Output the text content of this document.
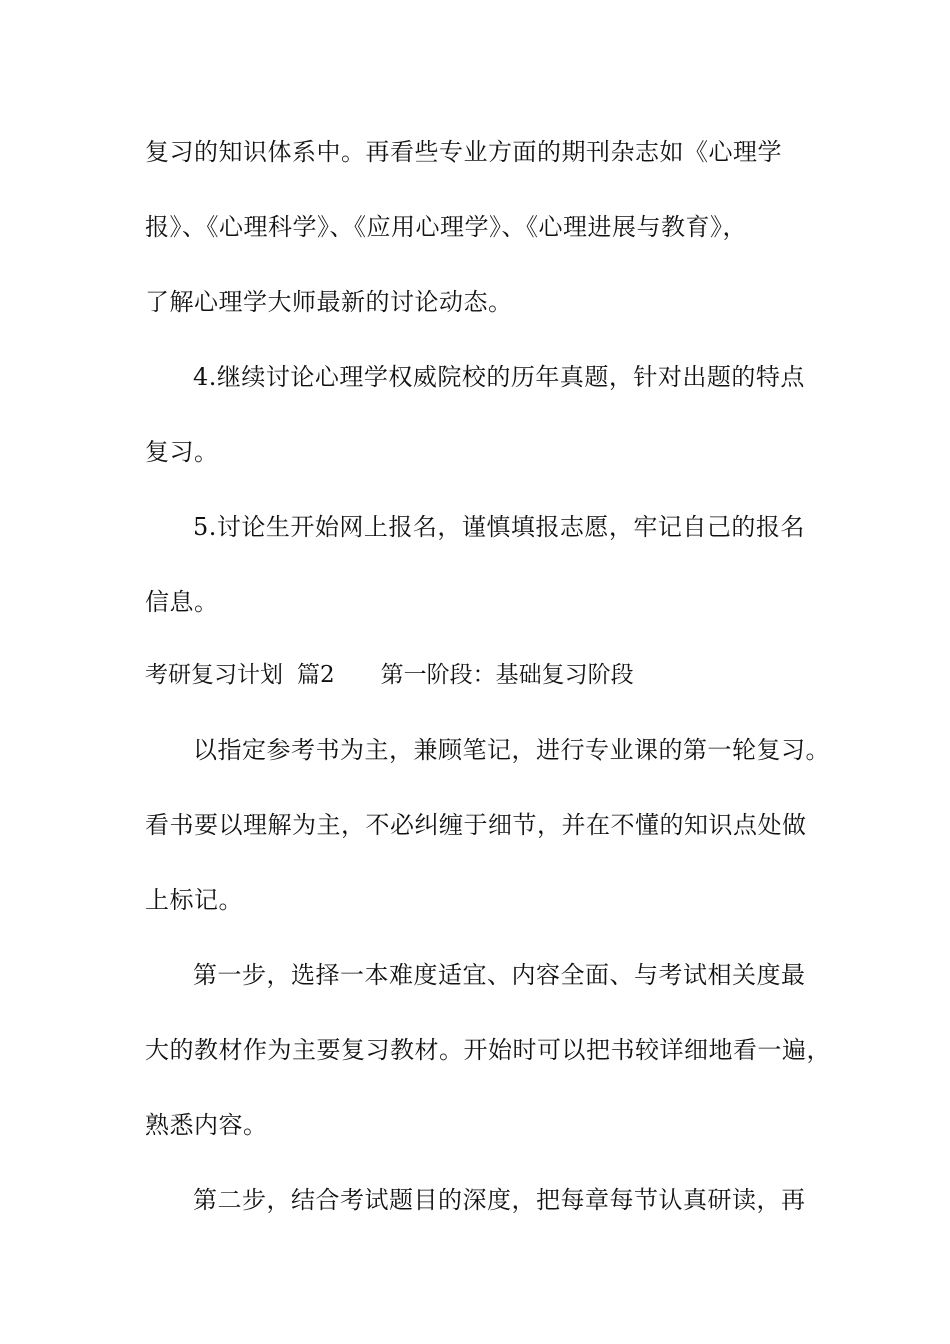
复习的知识体系中。再看些专业方面的期刊杂志如《心理学
报》、《心理科学》、《应用心理学》、《心理进展与教育》，
了解心理学大师最新的讨论动态。
4.继续讨论心理学权威院校的历年真题，针对出题的特点
复习。
5.讨论生开始网上报名，谨慎填报志愿，牢记自己的报名
信息。
考研复习计划 篇2 第一阶段：基础复习阶段
以指定参考书为主，兼顾笔记，进行专业课的第一轮复习。
看书要以理解为主，不必纠缠于细节，并在不懂的知识点处做
上标记。
第一步，选择一本难度适宜、内容全面、与考试相关度最
大的教材作为主要复习教材。开始时可以把书较详细地看一遍，
熟悉内容。
第二步，结合考试题目的深度，把每章每节认真研读，再
